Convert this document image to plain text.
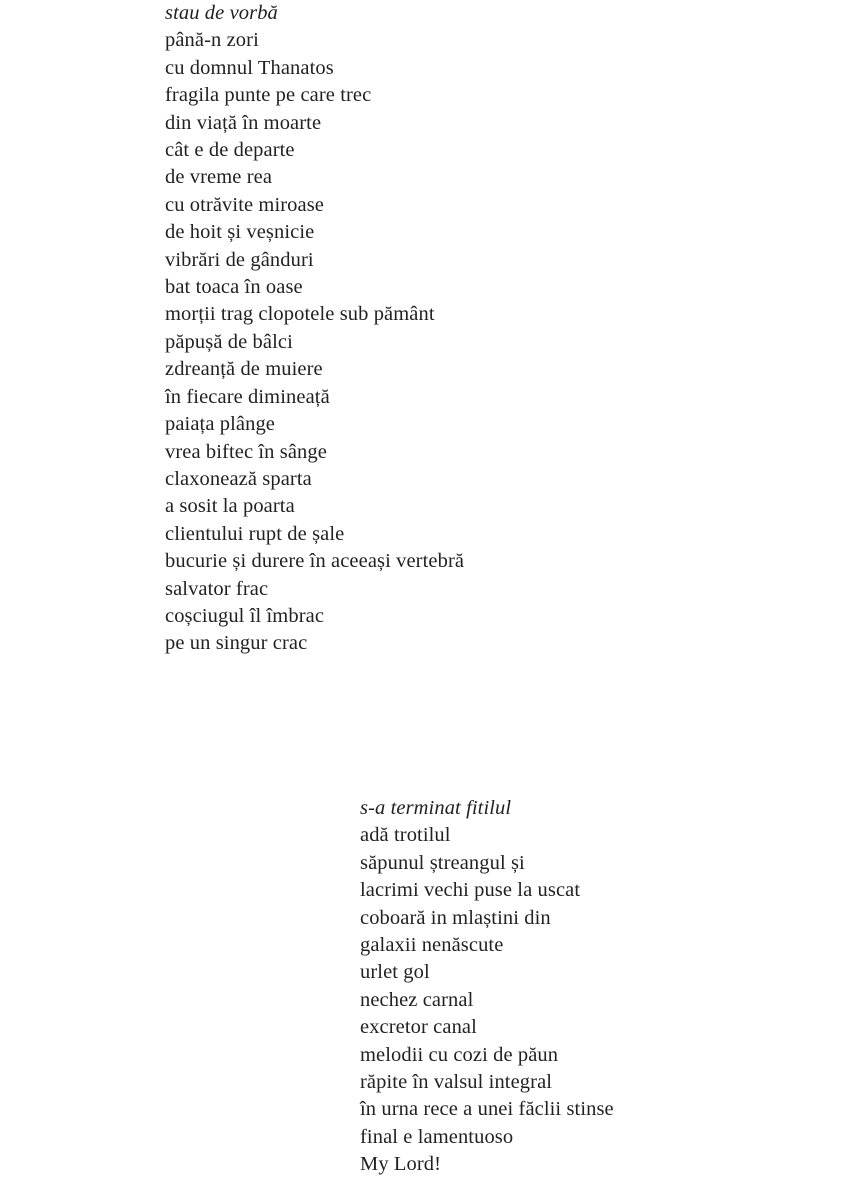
stau de vorbă
până-n zori
cu domnul Thanatos
fragila punte pe care trec
din viață în moarte
cât e de departe
de vreme rea
cu otrăvite miroase
de hoit și veșnicie
vibrări de gânduri
bat toaca în oase
morții trag clopotele sub pământ
păpușă de bâlci
zdreanță de muiere
în fiecare dimineață
paiața plânge
vrea biftec în sânge
claxonează sparta
a sosit la poarta
clientului rupt de șale
bucurie și durere în aceeași vertebră
salvator frac
coșciugul îl îmbrac
pe un singur crac
s-a terminat fitilul
adă trotilul
săpunul ștreangul și
lacrimi vechi puse la uscat
coboară in mlaștini din
galaxii nenăscute
urlet gol
nechez carnal
excretor canal
melodii cu cozi de păun
răpite în valsul integral
în urna rece a unei făclii stinse
final e lamentuoso
My Lord!
